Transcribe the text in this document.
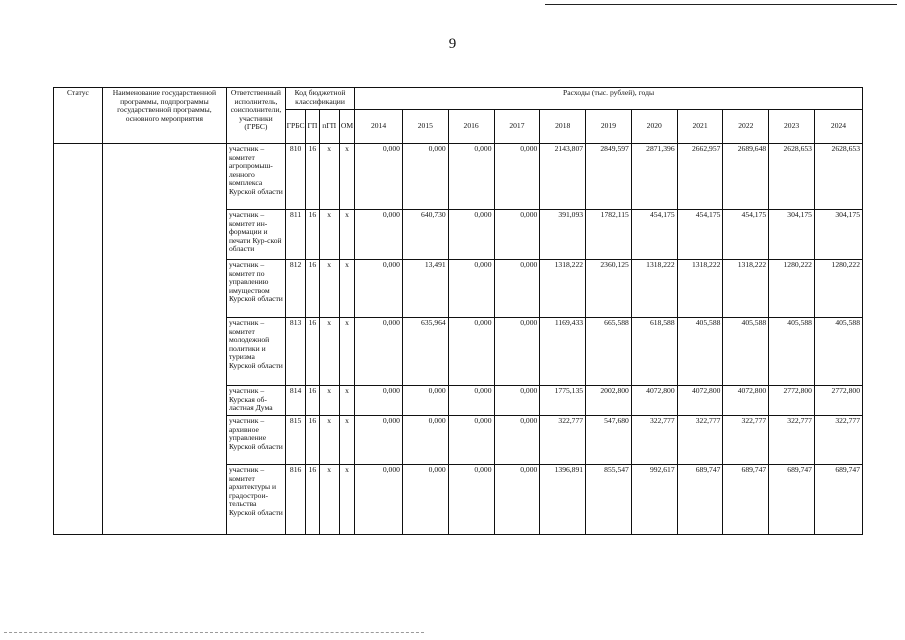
9
Статус	Наименование государственной программы, подпрограммы государственной программы, основного мероприятия	Ответственный исполнитель, соисполнители, участники (ГРБС)	Код бюджетной классификации				Расходы (тыс. рублей), годы										
			ГРБС	ГП	пГП	ОМ	2014	2015	2016	2017	2018	2019	2020	2021	2022	2023	2024
		участник – комитет агропромыш-ленного комплекса Курской области	810	16	х	х	0,000	0,000	0,000	0,000	2143,807	2849,597	2871,396	2662,957	2689,648	2628,653	2628,653
		участник – комитет ин-формации и печати Кур-ской области	811	16	х	х	0,000	640,730	0,000	0,000	391,093	1782,115	454,175	454,175	454,175	304,175	304,175
		участник – комитет по управлению имуществом Курской области	812	16	х	х	0,000	13,491	0,000	0,000	1318,222	2360,125	1318,222	1318,222	1318,222	1280,222	1280,222
		участник – комитет молодежной политики и туризма Курской области	813	16	х	х	0,000	635,964	0,000	0,000	1169,433	665,588	618,588	405,588	405,588	405,588	405,588
		участник – Курская об-ластная Дума	814	16	х	х	0,000	0,000	0,000	0,000	1775,135	2002,800	4072,800	4072,800	4072,800	2772,800	2772,800
		участник – архивное управление Курской области	815	16	х	х	0,000	0,000	0,000	0,000	322,777	547,680	322,777	322,777	322,777	322,777	322,777
		участник – комитет архитектуры и градострои-тельства Курской области	816	16	х	х	0,000	0,000	0,000	0,000	1396,891	855,547	992,617	689,747	689,747	689,747	689,747
